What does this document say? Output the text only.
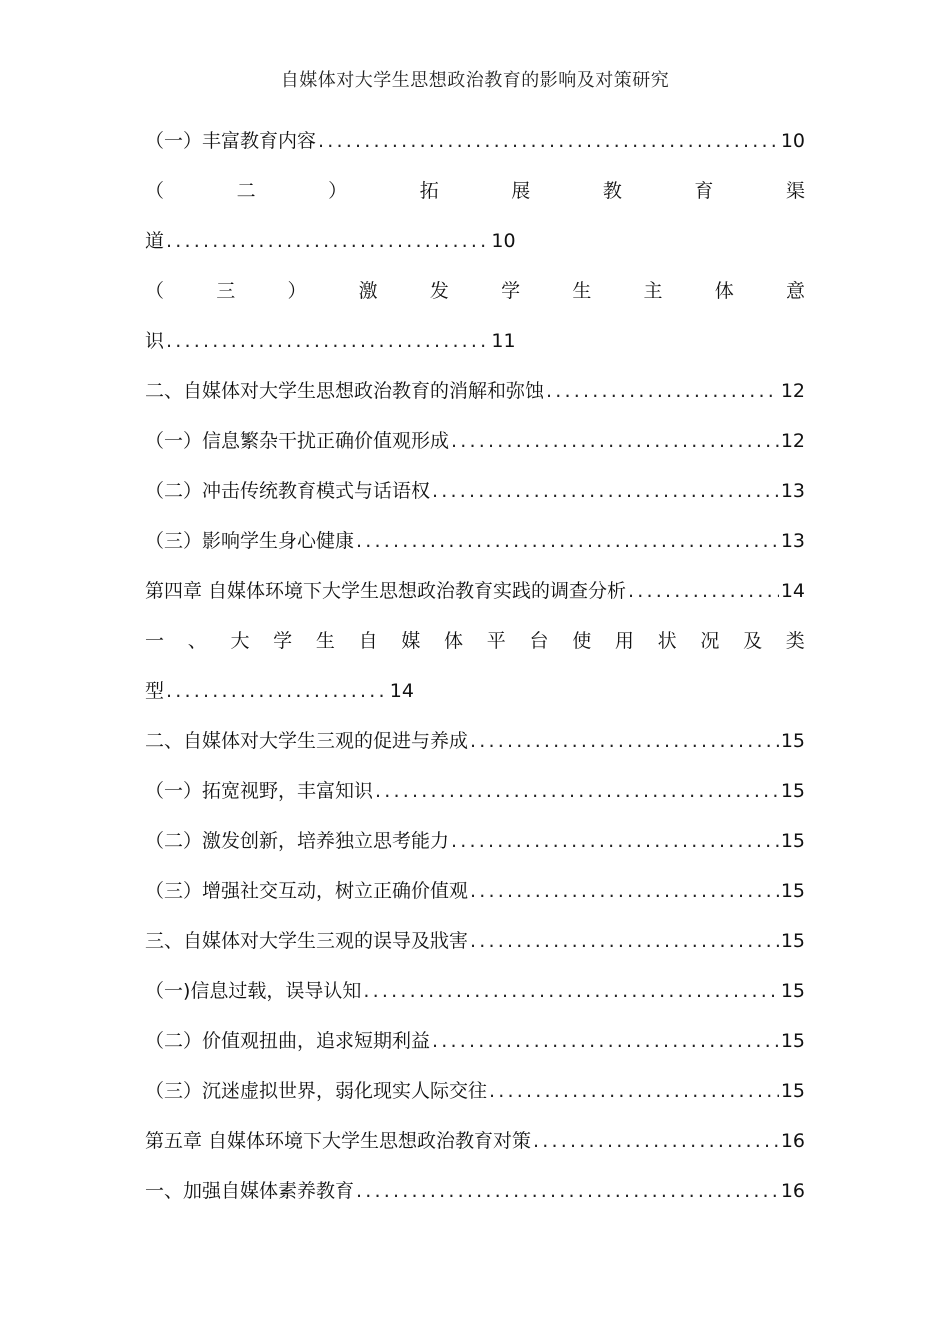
自媒体对大学生思想政治教育的影响及对策研究
（一）丰富教育内容 .....	10
（	二	）	拓	展	教	育	渠
道 ................................... 10
（	三	）	激	发	学	生	主	体	意
识 ................................... 11
二、自媒体对大学生思想政治教育的消解和弥蚀 .....	12
（一）信息繁杂干扰正确价值观形成 .....	12
（二）冲击传统教育模式与话语权 .....	13
（三）影响学生身心健康 .....	13
第四章 自媒体环境下大学生思想政治教育实践的调查分析 .....	14
一 、 大 学 生 自 媒 体 平 台 使 用 状 况 及 类
型 ........................ 14
二、自媒体对大学生三观的促进与养成 .....	15
（一）拓宽视野，丰富知识 .....	15
（二）激发创新，培养独立思考能力 .....	15
（三）增强社交互动，树立正确价值观 .....	15
三、自媒体对大学生三观的误导及戕害 .....	15
（一)信息过载，误导认知 .....	15
（二）价值观扭曲，追求短期利益 .....	15
（三）沉迷虚拟世界，弱化现实人际交往 .....	15
第五章 自媒体环境下大学生思想政治教育对策 .....	16
一、加强自媒体素养教育 .....	16
